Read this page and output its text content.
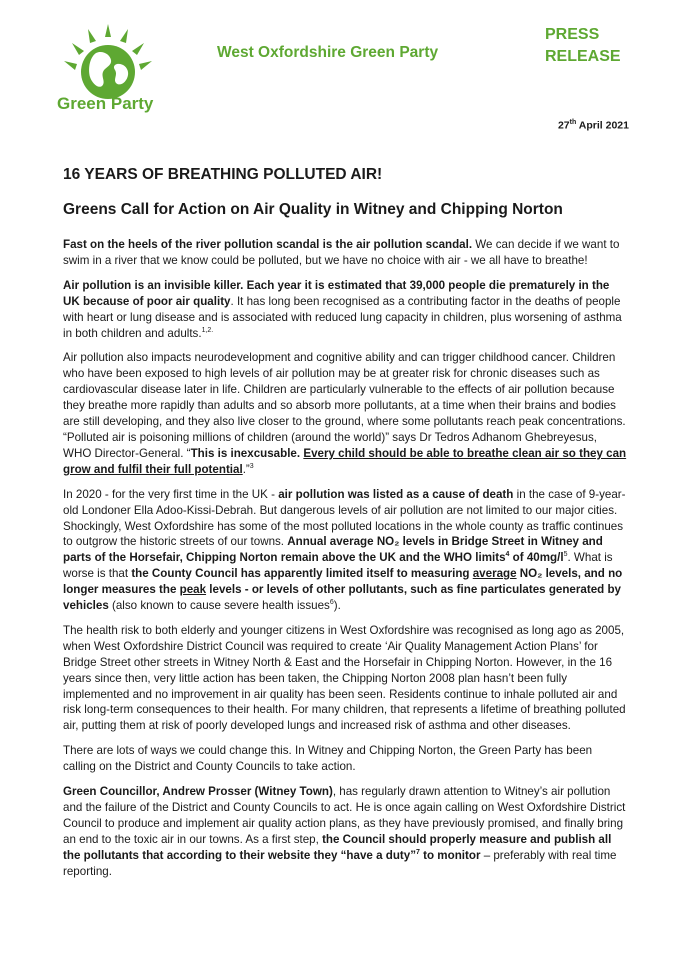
Green Party
West Oxfordshire Green Party
PRESS
RELEASE
27th April 2021
16 YEARS OF BREATHING POLLUTED AIR!
Greens Call for Action on Air Quality in Witney and Chipping Norton

Fast on the heels of the river pollution scandal is the air pollution scandal. We can decide if we want to swim in a river that we know could be polluted, but we have no choice with air - we all have to breathe!

Air pollution is an invisible killer. Each year it is estimated that 39,000 people die prematurely in the UK because of poor air quality. It has long been recognised as a contributing factor in the deaths of people with heart or lung disease and is associated with reduced lung capacity in children, plus worsening of asthma in both children and adults.$^{1,2.}$

Air pollution also impacts neurodevelopment and cognitive ability and can trigger childhood cancer. Children who have been exposed to high levels of air pollution may be at greater risk for chronic diseases such as cardiovascular disease later in life. Children are particularly vulnerable to the effects of air pollution because they breathe more rapidly than adults and so absorb more pollutants, at a time when their brains and bodies are still developing, and they also live closer to the ground, where some pollutants reach peak concentrations. “Polluted air is poisoning millions of children (around the world)” says Dr Tedros Adhanom Ghebreyesus, WHO Director-General. “This is inexcusable. Every child should be able to breathe clean air so they can grow and fulfil their full potential.”$^3$

In 2020 - for the very first time in the UK - air pollution was listed as a cause of death in the case of 9-year-old Londoner Ella Adoo-Kissi-Debrah. But dangerous levels of air pollution are not limited to our major cities. Shockingly, West Oxfordshire has some of the most polluted locations in the whole county as traffic continues to outgrow the historic streets of our towns. Annual average NO₂ levels in Bridge Street in Witney and parts of the Horsefair, Chipping Norton remain above the UK and the WHO limits$^4$ of $40mg/l^5$. What is worse is that the County Council has apparently limited itself to measuring average NO₂ levels, and no longer measures the peak levels - or levels of other pollutants, such as fine particulates generated by vehicles (also known to cause severe health issues$^6$).

The health risk to both elderly and younger citizens in West Oxfordshire was recognised as long ago as 2005, when West Oxfordshire District Council was required to create ‘Air Quality Management Action Plans’ for Bridge Street other streets in Witney North & East and the Horsefair in Chipping Norton. However, in the 16 years since then, very little action has been taken, the Chipping Norton 2008 plan hasn’t been fully implemented and no improvement in air quality has been seen. Residents continue to inhale polluted air and risk long-term consequences to their health. For many children, that represents a lifetime of breathing polluted air, putting them at risk of poorly developed lungs and increased risk of asthma and other diseases.

There are lots of ways we could change this. In Witney and Chipping Norton, the Green Party has been calling on the District and County Councils to take action.

Green Councillor, Andrew Prosser (Witney Town), has regularly drawn attention to Witney’s air pollution and the failure of the District and County Councils to act. He is once again calling on West Oxfordshire District Council to produce and implement air quality action plans, as they have previously promised, and finally bring an end to the toxic air in our towns. As a first step, the Council should properly measure and publish all the pollutants that according to their website they “have a duty”$^7$ to monitor – preferably with real time reporting.
